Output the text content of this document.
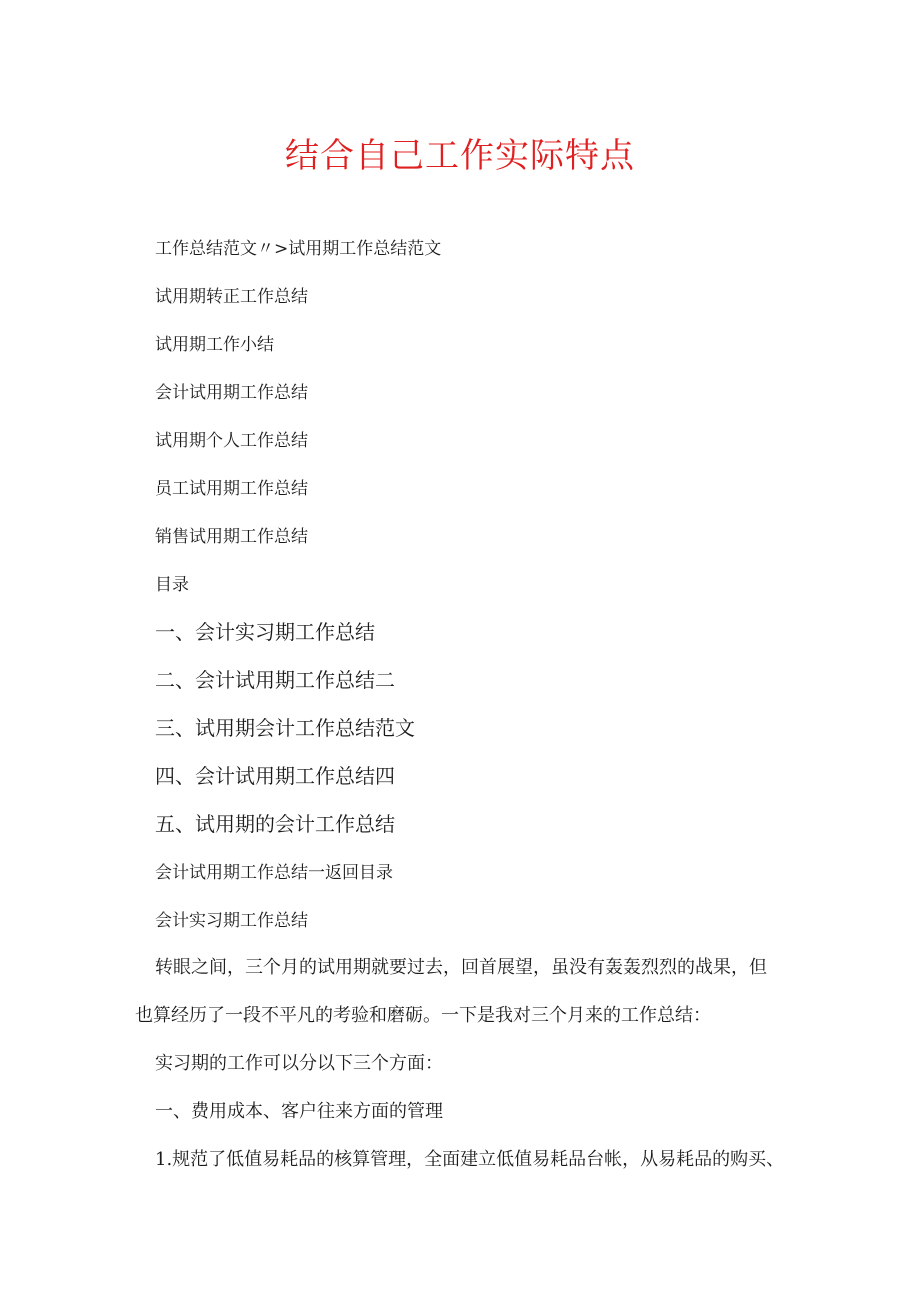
结合自己工作实际特点
工作总结范文〃>试用期工作总结范文
试用期转正工作总结
试用期工作小结
会计试用期工作总结
试用期个人工作总结
员工试用期工作总结
销售试用期工作总结
目录
一、会计实习期工作总结
二、会计试用期工作总结二
三、试用期会计工作总结范文
四、会计试用期工作总结四
五、试用期的会计工作总结
会计试用期工作总结一返回目录
会计实习期工作总结
转眼之间，三个月的试用期就要过去，回首展望，虽没有轰轰烈烈的战果，但
也算经历了一段不平凡的考验和磨砺。一下是我对三个月来的工作总结：
实习期的工作可以分以下三个方面：
一、费用成本、客户往来方面的管理
1.规范了低值易耗品的核算管理，全面建立低值易耗品台帐，从易耗品的购买、
